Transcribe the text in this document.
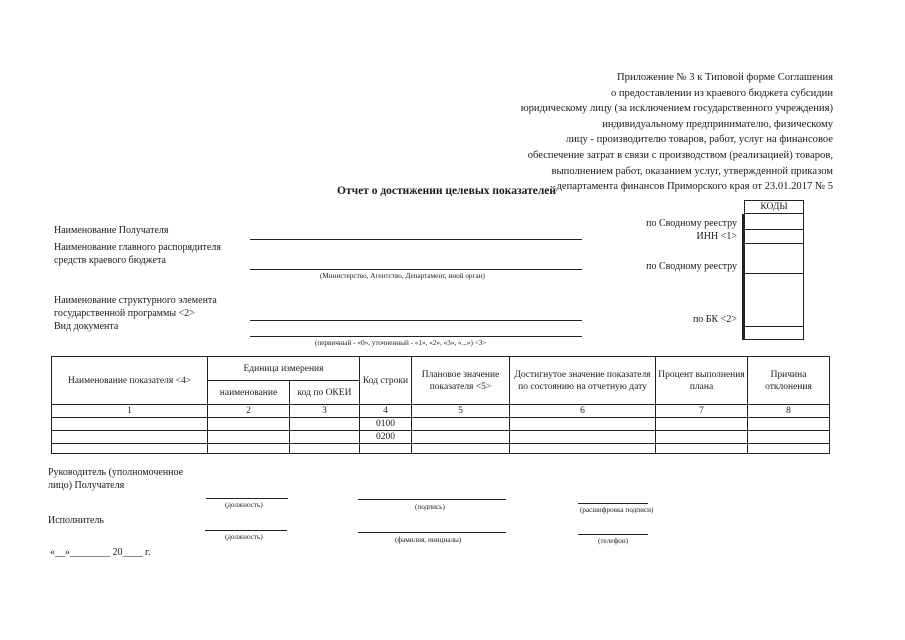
Приложение № 3 к Типовой форме Соглашения
о предоставлении из краевого бюджета субсидии
юридическому лицу (за исключением государственного учреждения)
индивидуальному предпринимателю, физическому
лицу - производителю товаров, работ, услуг на финансовое
обеспечение затрат в связи с производством (реализацией) товаров,
выполнением работ, оказанием услуг, утвержденной приказом
департамента финансов Приморского края от 23.01.2017 № 5
Отчет о достижении целевых показателей
Наименование Получателя
Наименование главного распорядителя
средств краевого бюджета
(Министерство, Агентство, Департамент, иной орган)
Наименование структурного элемента
государственной программы <2>
Вид документа
(первичный - «0», уточненный - «1», «2», «3», «...») <3>
по Сводному реестру
ИНН <1>
по Сводному реестру
по БК <2>
КОДЫ
Наименование показателя <4>	Единица измерения		Код строки	Плановое значение показателя <5>	Достигнутое значение показателя по состоянию на отчетную дату	Процент выполнения плана	Причина отклонения
	наименование	код по ОКЕИ					
1	2	3	4	5	6	7	8
			0100				
			0200				

Руководитель (уполномоченное
лицо) Получателя
(должность)	(подпись)	(расшифровка подписи)
Исполнитель
(должность)	(фамилия, инициалы)	(телефон)
«__»________ 20____ г.
